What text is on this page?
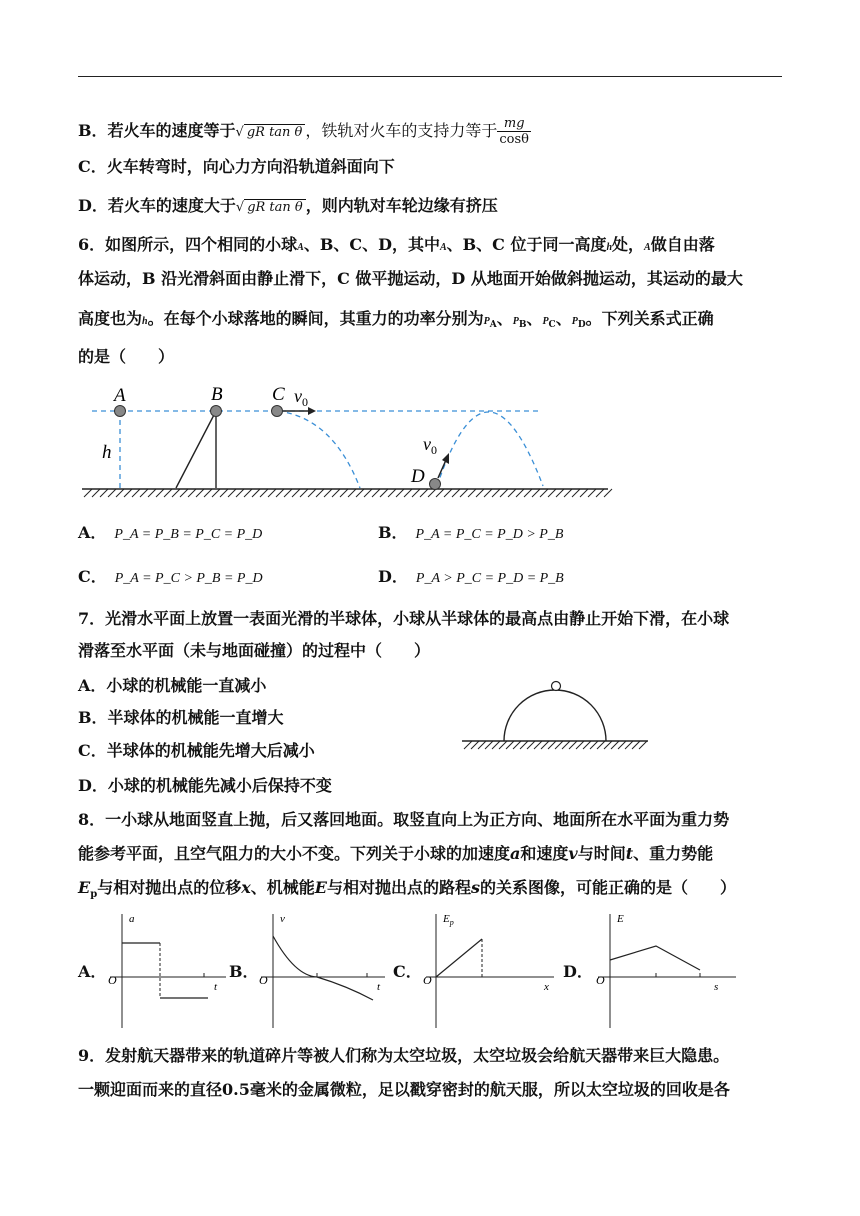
B．若火车的速度等于√ gR tan θ ，铁轨对火车的支持力等于 $\frac{mg}{\cos\theta}$
C．火车转弯时，向心力方向沿轨道斜面向下
D．若火车的速度大于√ gR tan θ ，则内轨对车轮边缘有挤压
6．如图所示，四个相同的小球A、B、C、D，其中A、B、C 位于同一高度h处，A做自由落
体运动，B 沿光滑斜面由静止滑下，C 做平抛运动，D 从地面开始做斜抛运动，其运动的最大
高度也为h。在每个小球落地的瞬间，其重力的功率分别为$P_A$、$P_B$、$P_C$、$P_D$。下列关系式正确
的是（　　）
A	B	C
h
D
$v_0$
$v_0$
A． P_A = P_B = P_C = P_D	B． P_A = P_C = P_D > P_B
C． P_A = P_C > P_B = P_D	D． P_A > P_C = P_D = P_B
7．光滑水平面上放置一表面光滑的半球体，小球从半球体的最高点由静止开始下滑，在小球
滑落至水平面（未与地面碰撞）的过程中（　　）
A．小球的机械能一直减小
B．半球体的机械能一直增大
C．半球体的机械能先增大后减小
D．小球的机械能先减小后保持不变
8．一小球从地面竖直上抛，后又落回地面。取竖直向上为正方向、地面所在水平面为重力势
能参考平面，且空气阻力的大小不变。下列关于小球的加速度a和速度v与时间t、重力势能
$E_p$与相对抛出点的位移x、机械能E与相对抛出点的路程s的关系图像，可能正确的是（　　）
A．	B．	C．	D．
a
O	t
v
O	t
$E_p$
O	x
E
O	s
9．发射航天器带来的轨道碎片等被人们称为太空垃圾，太空垃圾会给航天器带来巨大隐患。
一颗迎面而来的直径0.5毫米的金属微粒，足以戳穿密封的航天服，所以太空垃圾的回收是各
